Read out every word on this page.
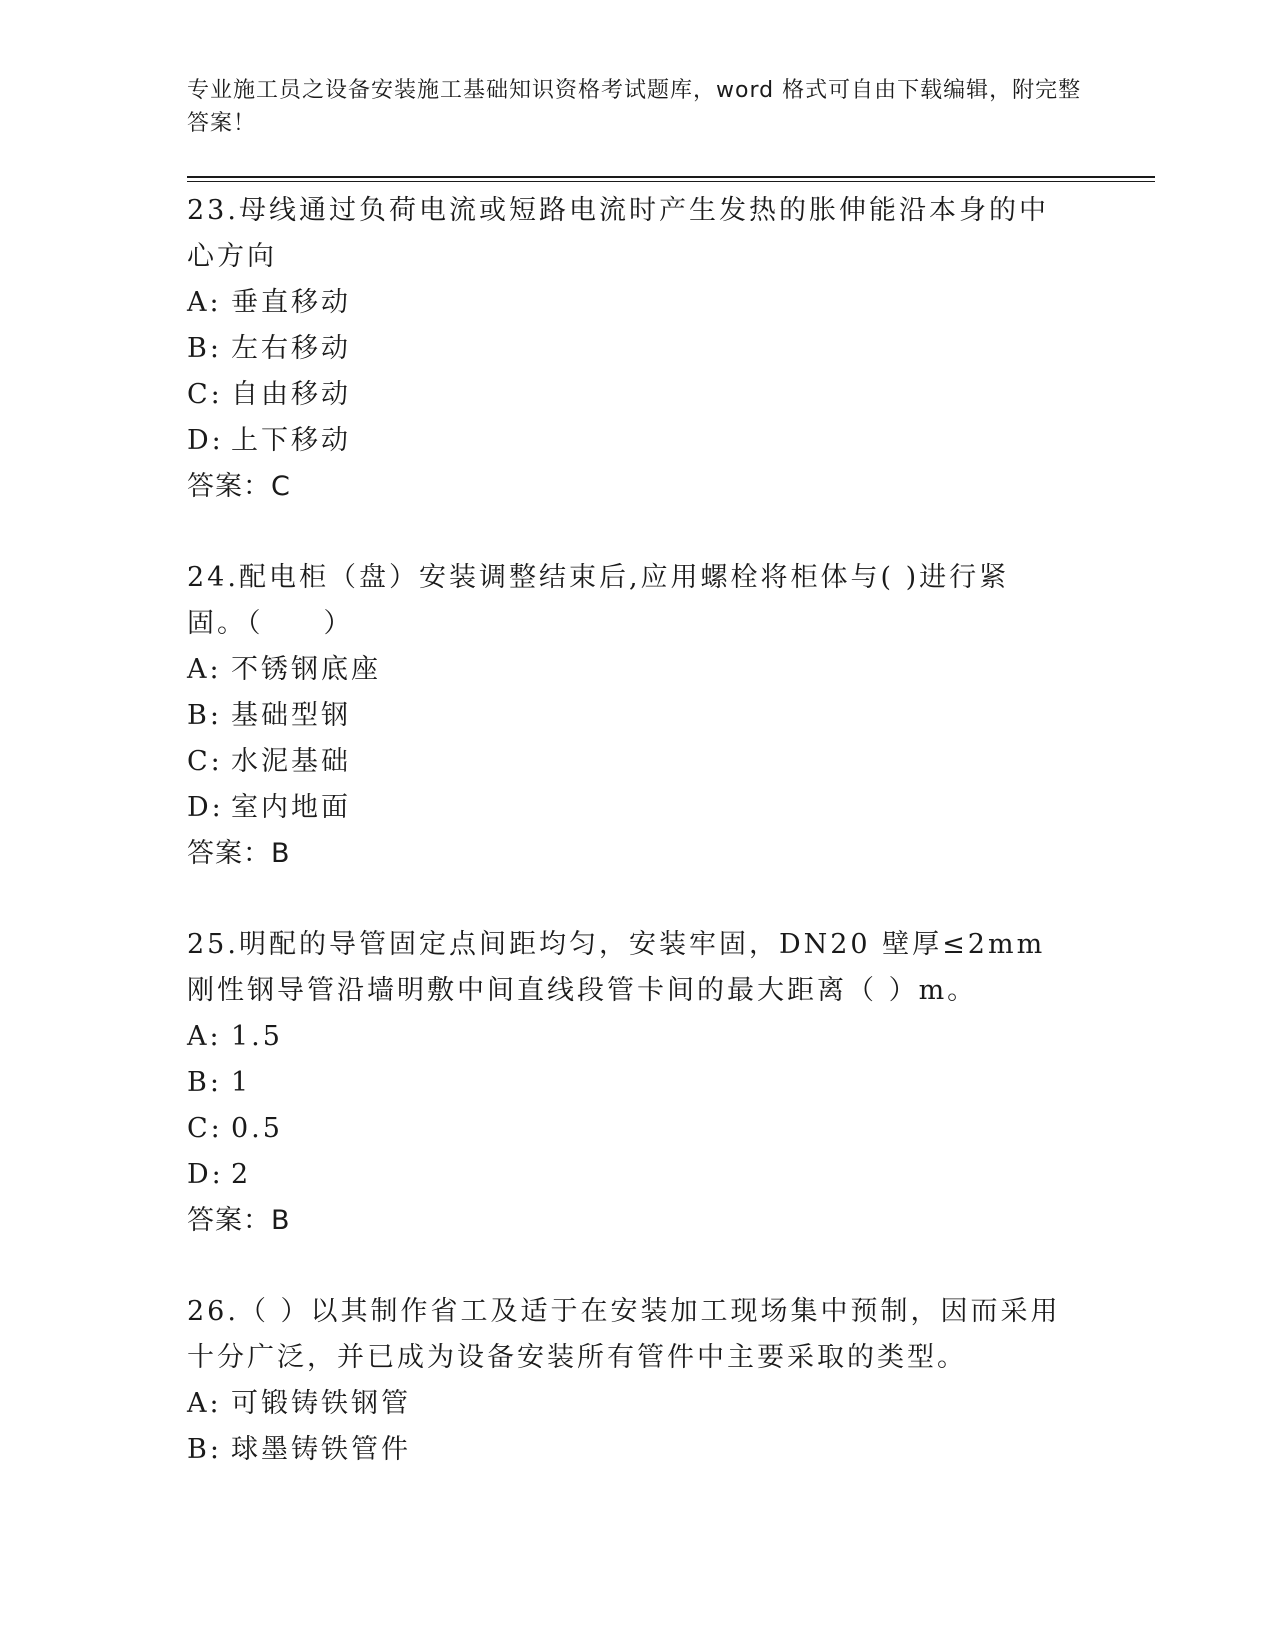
专业施工员之设备安装施工基础知识资格考试题库，word 格式可自由下载编辑，附完整答案！
23.母线通过负荷电流或短路电流时产生发热的胀伸能沿本身的中心方向
A: 垂直移动
B: 左右移动
C: 自由移动
D: 上下移动
答案：C
24.配电柜（盘）安装调整结束后,应用螺栓将柜体与( )进行紧固。（　　）
A: 不锈钢底座
B: 基础型钢
C: 水泥基础
D: 室内地面
答案：B
25.明配的导管固定点间距均匀，安装牢固，DN20 壁厚≤2mm 刚性钢导管沿墙明敷中间直线段管卡间的最大距离（ ）m。
A: 1.5
B: 1
C: 0.5
D: 2
答案：B
26.（ ）以其制作省工及适于在安装加工现场集中预制，因而采用十分广泛，并已成为设备安装所有管件中主要采取的类型。
A: 可锻铸铁钢管
B: 球墨铸铁管件
